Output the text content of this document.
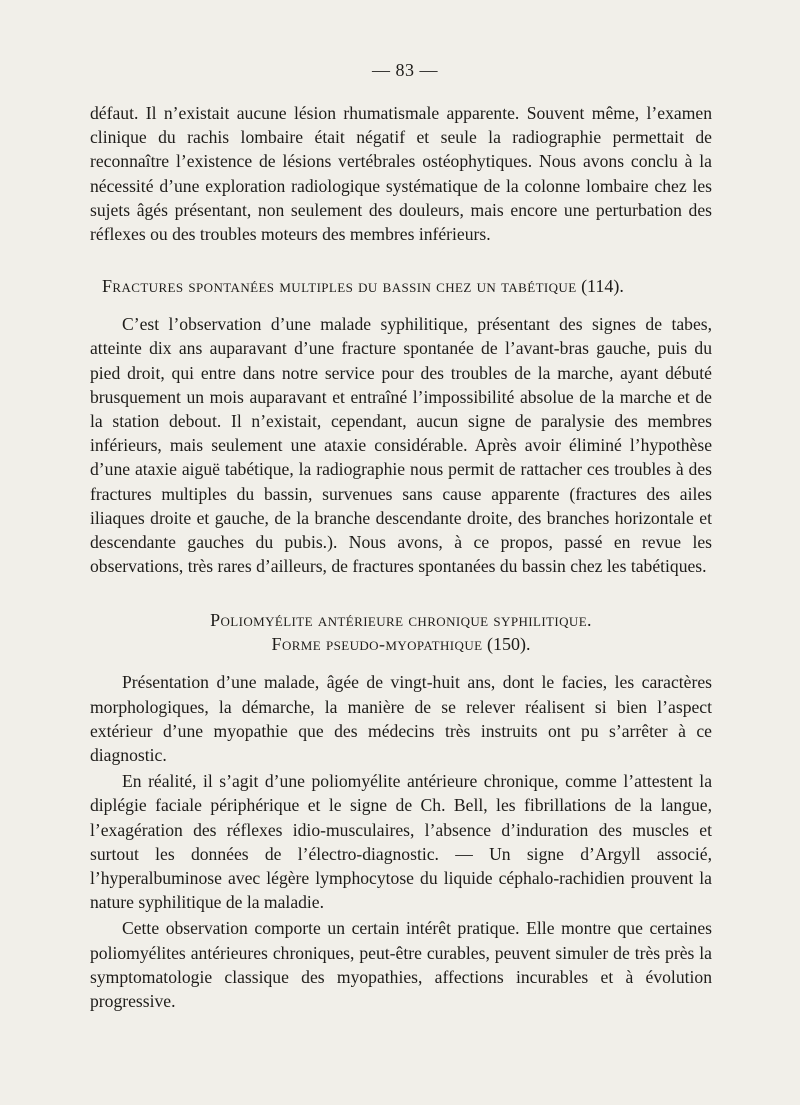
— 83 —

défaut. Il n’existait aucune lésion rhumatismale apparente. Souvent même, l’examen clinique du rachis lombaire était négatif et seule la radiographie permettait de reconnaître l’existence de lésions vertébrales ostéophytiques. Nous avons conclu à la nécessité d’une exploration radiologique systématique de la colonne lombaire chez les sujets âgés présentant, non seulement des douleurs, mais encore une perturbation des réflexes ou des troubles moteurs des membres inférieurs.

Fractures spontanées multiples du bassin chez un tabétique (114).

C’est l’observation d’une malade syphilitique, présentant des signes de tabes, atteinte dix ans auparavant d’une fracture spontanée de l’avant-bras gauche, puis du pied droit, qui entre dans notre service pour des troubles de la marche, ayant débuté brusquement un mois auparavant et entraîné l’impossibilité absolue de la marche et de la station debout. Il n’existait, cependant, aucun signe de paralysie des membres inférieurs, mais seulement une ataxie considérable. Après avoir éliminé l’hypothèse d’une ataxie aiguë tabétique, la radiographie nous permit de rattacher ces troubles à des fractures multiples du bassin, survenues sans cause apparente (fractures des ailes iliaques droite et gauche, de la branche descendante droite, des branches horizontale et descendante gauches du pubis.). Nous avons, à ce propos, passé en revue les observations, très rares d’ailleurs, de fractures spontanées du bassin chez les tabétiques.

Poliomyélite antérieure chronique syphilitique.
Forme pseudo-myopathique (150).

Présentation d’une malade, âgée de vingt-huit ans, dont le facies, les caractères morphologiques, la démarche, la manière de se relever réalisent si bien l’aspect extérieur d’une myopathie que des médecins très instruits ont pu s’arrêter à ce diagnostic.

En réalité, il s’agit d’une poliomyélite antérieure chronique, comme l’attestent la diplégie faciale périphérique et le signe de Ch. Bell, les fibrillations de la langue, l’exagération des réflexes idio-musculaires, l’absence d’induration des muscles et surtout les données de l’électro-diagnostic. — Un signe d’Argyll associé, l’hyperalbuminose avec légère lymphocytose du liquide céphalo-rachidien prouvent la nature syphilitique de la maladie.

Cette observation comporte un certain intérêt pratique. Elle montre que certaines poliomyélites antérieures chroniques, peut-être curables, peuvent simuler de très près la symptomatologie classique des myopathies, affections incurables et à évolution progressive.
